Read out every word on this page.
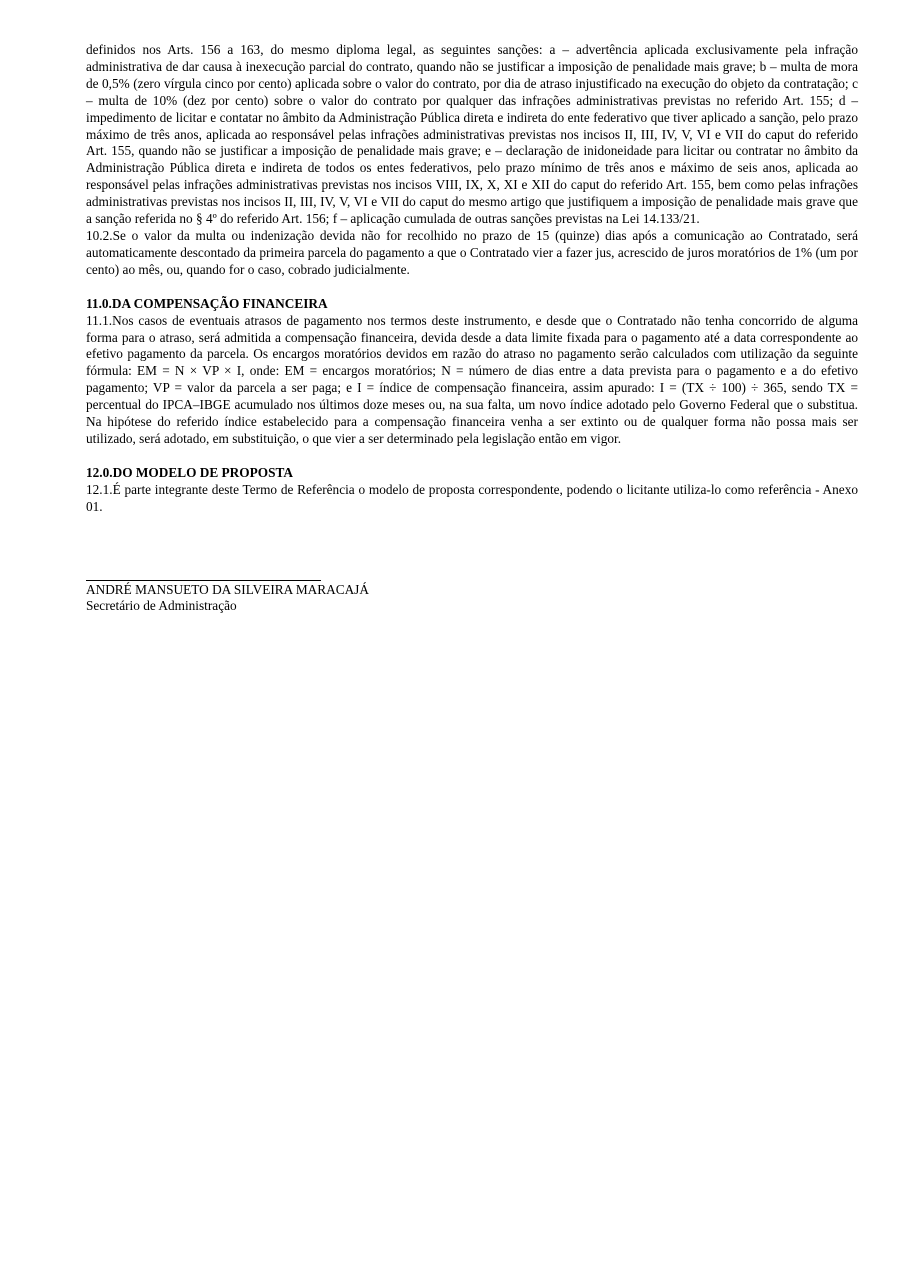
definidos nos Arts. 156 a 163, do mesmo diploma legal, as seguintes sanções: a – advertência aplicada exclusivamente pela infração administrativa de dar causa à inexecução parcial do contrato, quando não se justificar a imposição de penalidade mais grave; b – multa de mora de 0,5% (zero vírgula cinco por cento) aplicada sobre o valor do contrato, por dia de atraso injustificado na execução do objeto da contratação; c – multa de 10% (dez por cento) sobre o valor do contrato por qualquer das infrações administrativas previstas no referido Art. 155; d – impedimento de licitar e contatar no âmbito da Administração Pública direta e indireta do ente federativo que tiver aplicado a sanção, pelo prazo máximo de três anos, aplicada ao responsável pelas infrações administrativas previstas nos incisos II, III, IV, V, VI e VII do caput do referido Art. 155, quando não se justificar a imposição de penalidade mais grave; e – declaração de inidoneidade para licitar ou contratar no âmbito da Administração Pública direta e indireta de todos os entes federativos, pelo prazo mínimo de três anos e máximo de seis anos, aplicada ao responsável pelas infrações administrativas previstas nos incisos VIII, IX, X, XI e XII do caput do referido Art. 155, bem como pelas infrações administrativas previstas nos incisos II, III, IV, V, VI e VII do caput do mesmo artigo que justifiquem a imposição de penalidade mais grave que a sanção referida no § 4º do referido Art. 156; f – aplicação cumulada de outras sanções previstas na Lei 14.133/21.

10.2.Se o valor da multa ou indenização devida não for recolhido no prazo de 15 (quinze) dias após a comunicação ao Contratado, será automaticamente descontado da primeira parcela do pagamento a que o Contratado vier a fazer jus, acrescido de juros moratórios de 1% (um por cento) ao mês, ou, quando for o caso, cobrado judicialmente.

11.0.DA COMPENSAÇÃO FINANCEIRA

11.1.Nos casos de eventuais atrasos de pagamento nos termos deste instrumento, e desde que o Contratado não tenha concorrido de alguma forma para o atraso, será admitida a compensação financeira, devida desde a data limite fixada para o pagamento até a data correspondente ao efetivo pagamento da parcela. Os encargos moratórios devidos em razão do atraso no pagamento serão calculados com utilização da seguinte fórmula: EM = N × VP × I, onde: EM = encargos moratórios; N = número de dias entre a data prevista para o pagamento e a do efetivo pagamento; VP = valor da parcela a ser paga; e I = índice de compensação financeira, assim apurado: I = (TX ÷ 100) ÷ 365, sendo TX = percentual do IPCA–IBGE acumulado nos últimos doze meses ou, na sua falta, um novo índice adotado pelo Governo Federal que o substitua. Na hipótese do referido índice estabelecido para a compensação financeira venha a ser extinto ou de qualquer forma não possa mais ser utilizado, será adotado, em substituição, o que vier a ser determinado pela legislação então em vigor.

12.0.DO MODELO DE PROPOSTA

12.1.É parte integrante deste Termo de Referência o modelo de proposta correspondente, podendo o licitante utiliza-lo como referência - Anexo 01.

ANDRÉ MANSUETO DA SILVEIRA MARACAJÁ

Secretário de Administração
